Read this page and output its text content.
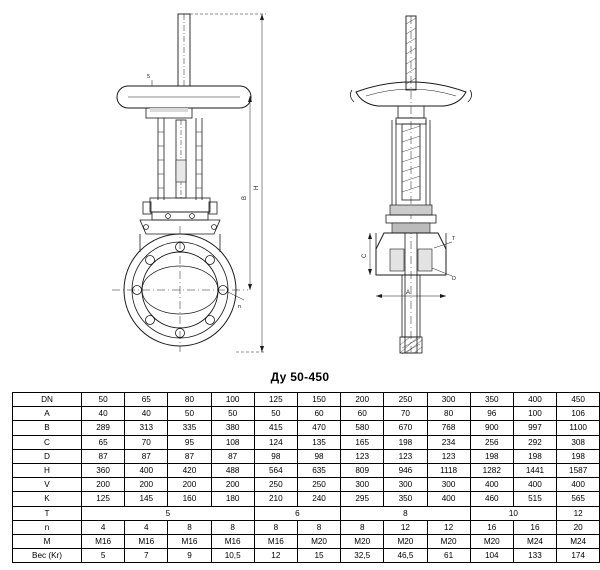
5
n
H
B
T
D
A
C
Ду 50-450
DN	50	65	80	100	125	150	200	250	300	350	400	450
A	40	40	50	50	50	60	60	70	80	96	100	106
B	289	313	335	380	415	470	580	670	768	900	997	1100
C	65	70	95	108	124	135	165	198	234	256	292	308
D	87	87	87	87	98	98	123	123	123	198	198	198
H	360	400	420	488	564	635	809	946	1118	1282	1441	1587
V	200	200	200	200	250	250	300	300	300	400	400	400
K	125	145	160	180	210	240	295	350	400	460	515	565
T	5				6		8			10		12
n	4	4	8	8	8	8	8	12	12	16	16	20
M	M16	M16	M16	M16	M16	M20	M20	M20	M20	M20	M24	M24
Вес (Kr)	5	7	9	10,5	12	15	32,5	46,5	61	104	133	174
